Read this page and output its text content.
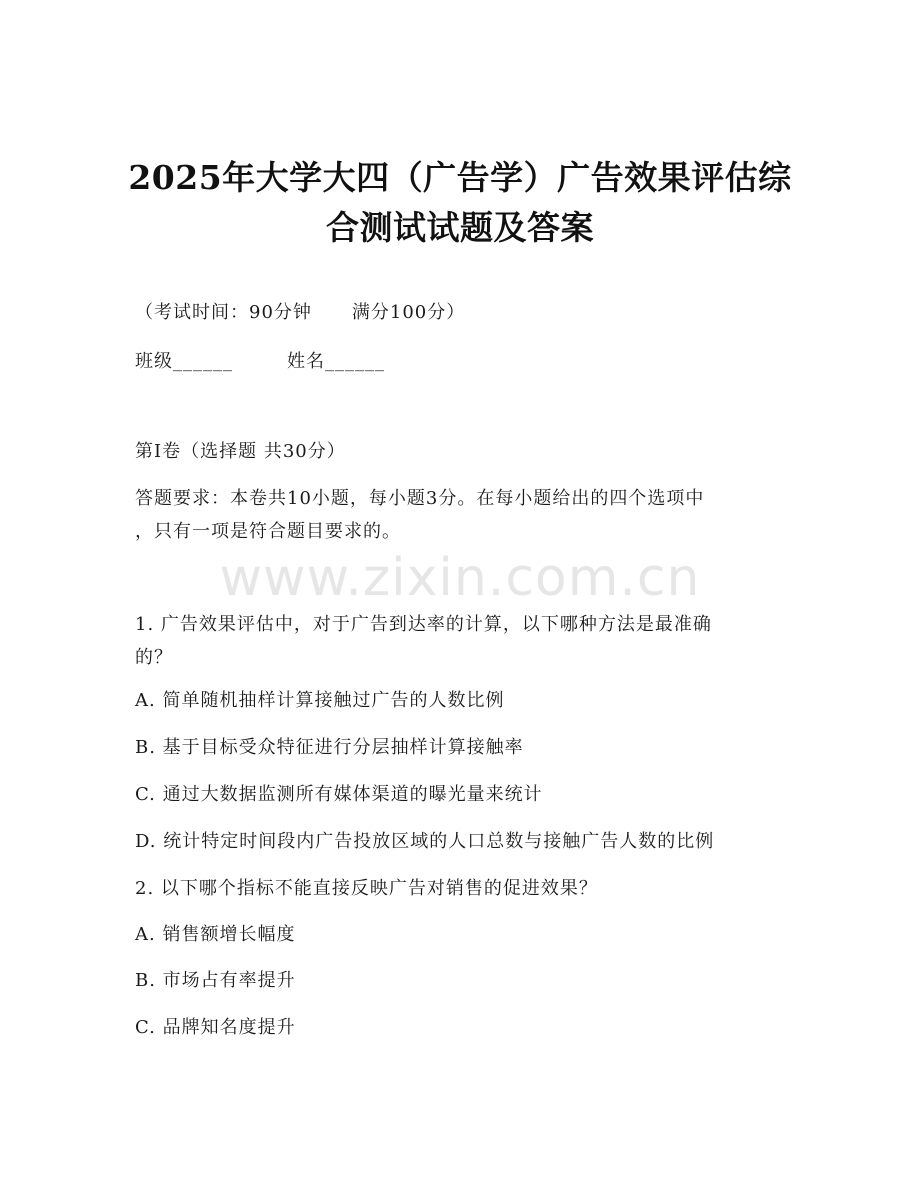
www.zixin.com.cn
2025年大学大四（广告学）广告效果评估综
合测试试题及答案
（考试时间：90分钟 满分100分）
班级______	姓名______
第I卷（选择题 共30分）
答题要求：本卷共10小题，每小题3分。在每小题给出的四个选项中
，只有一项是符合题目要求的。
1. 广告效果评估中，对于广告到达率的计算，以下哪种方法是最准确
的？
A. 简单随机抽样计算接触过广告的人数比例
B. 基于目标受众特征进行分层抽样计算接触率
C. 通过大数据监测所有媒体渠道的曝光量来统计
D. 统计特定时间段内广告投放区域的人口总数与接触广告人数的比例
2. 以下哪个指标不能直接反映广告对销售的促进效果？
A. 销售额增长幅度
B. 市场占有率提升
C. 品牌知名度提升
